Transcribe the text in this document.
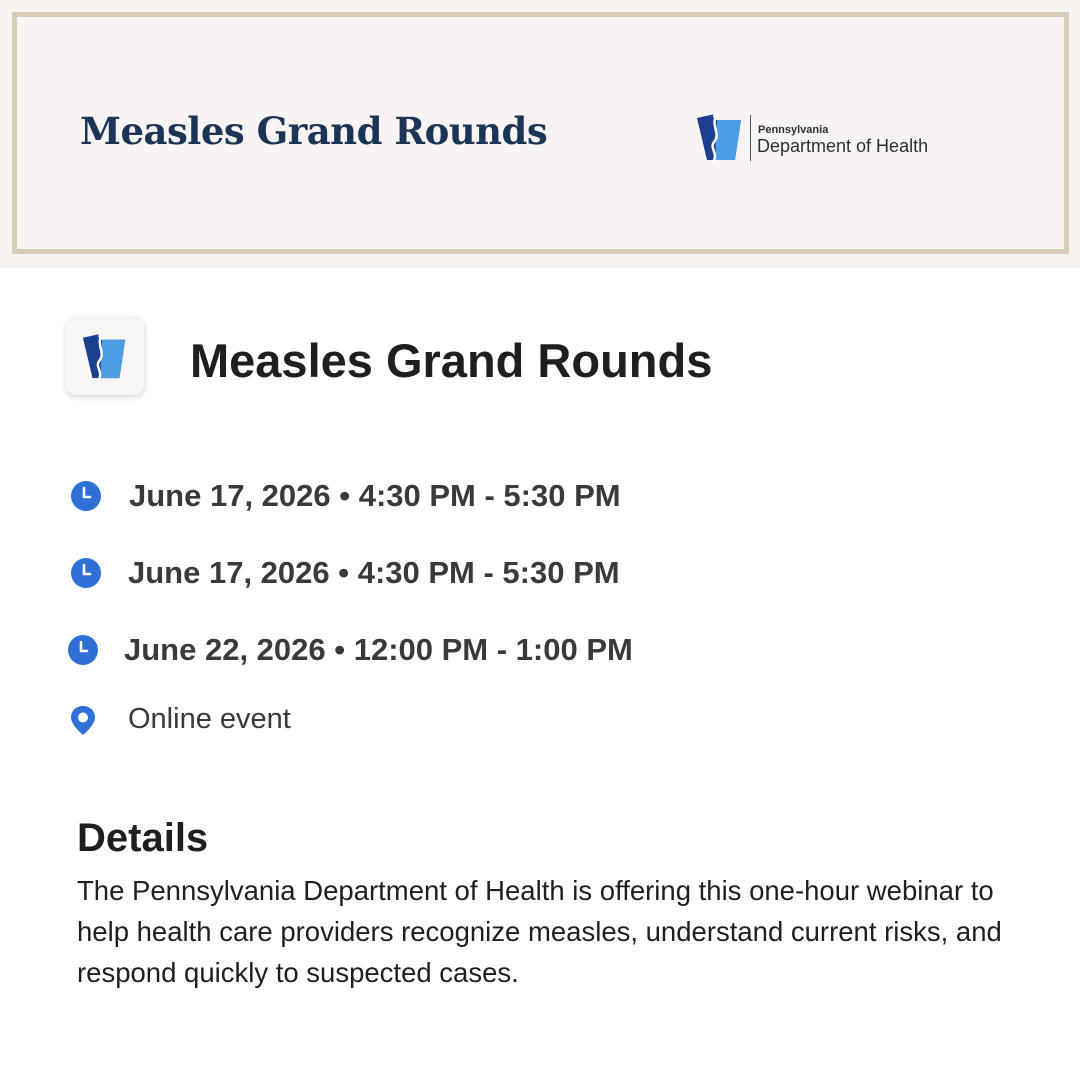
Measles Grand Rounds	Pennsylvania
Department of Health
Measles Grand Rounds
June 17, 2026 • 4:30 PM - 5:30 PM
June 17, 2026 • 4:30 PM - 5:30 PM
June 22, 2026 • 12:00 PM - 1:00 PM
Online event
Details
The Pennsylvania Department of Health is offering this one-hour webinar to help health care providers recognize measles, understand current risks, and respond quickly to suspected cases.
